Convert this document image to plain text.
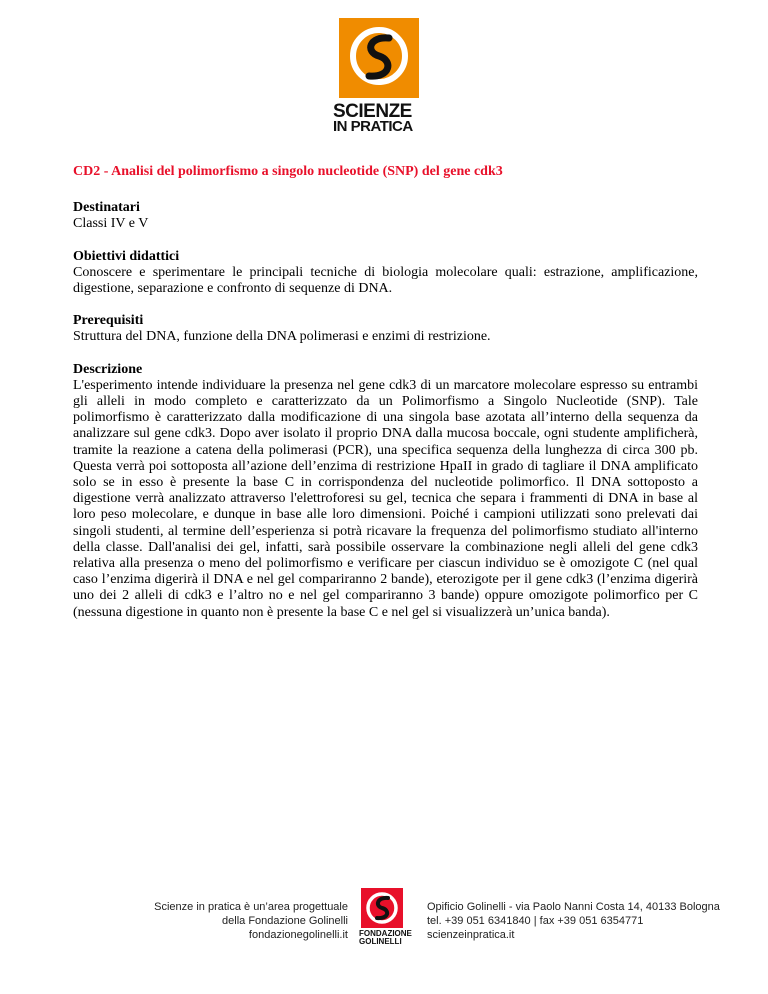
SCIENZE
IN PRATICA
CD2 - Analisi del polimorfismo a singolo nucleotide (SNP) del gene cdk3
Destinatari
Classi IV e V
Obiettivi didattici
Conoscere e sperimentare le principali tecniche di biologia molecolare quali: estrazione, amplificazione, digestione, separazione e confronto di sequenze di DNA.
Prerequisiti
Struttura del DNA, funzione della DNA polimerasi e enzimi di restrizione.
Descrizione
L'esperimento intende individuare la presenza nel gene cdk3 di un marcatore molecolare espresso su entrambi gli alleli in modo completo e caratterizzato da un Polimorfismo a Singolo Nucleotide (SNP). Tale polimorfismo è caratterizzato dalla modificazione di una singola base azotata all’interno della sequenza da analizzare sul gene cdk3. Dopo aver isolato il proprio DNA dalla mucosa boccale, ogni studente amplificherà, tramite la reazione a catena della polimerasi (PCR), una specifica sequenza della lunghezza di circa 300 pb. Questa verrà poi sottoposta all’azione dell’enzima di restrizione HpaII in grado di tagliare il DNA amplificato solo se in esso è presente la base C in corrispondenza del nucleotide polimorfico. Il DNA sottoposto a digestione verrà analizzato attraverso l'elettroforesi su gel, tecnica che separa i frammenti di DNA in base al loro peso molecolare, e dunque in base alle loro dimensioni. Poiché i campioni utilizzati sono prelevati dai singoli studenti, al termine dell’esperienza si potrà ricavare la frequenza del polimorfismo studiato all'interno della classe. Dall'analisi dei gel, infatti, sarà possibile osservare la combinazione negli alleli del gene cdk3 relativa alla presenza o meno del polimorfismo e verificare per ciascun individuo se è omozigote C (nel qual caso l’enzima digerirà il DNA e nel gel compariranno 2 bande), eterozigote per il gene cdk3 (l’enzima digerirà uno dei 2 alleli di cdk3 e l’altro no e nel gel compariranno 3 bande) oppure omozigote polimorfico per C (nessuna digestione in quanto non è presente la base C e nel gel si visualizzerà un’unica banda).
Scienze in pratica è un’area progettuale
della Fondazione Golinelli
fondazionegolinelli.it FONDAZIONE
GOLINELLI
Opificio Golinelli - via Paolo Nanni Costa 14, 40133 Bologna
tel. +39 051 6341840 | fax +39 051 6354771
scienzeinpratica.it
